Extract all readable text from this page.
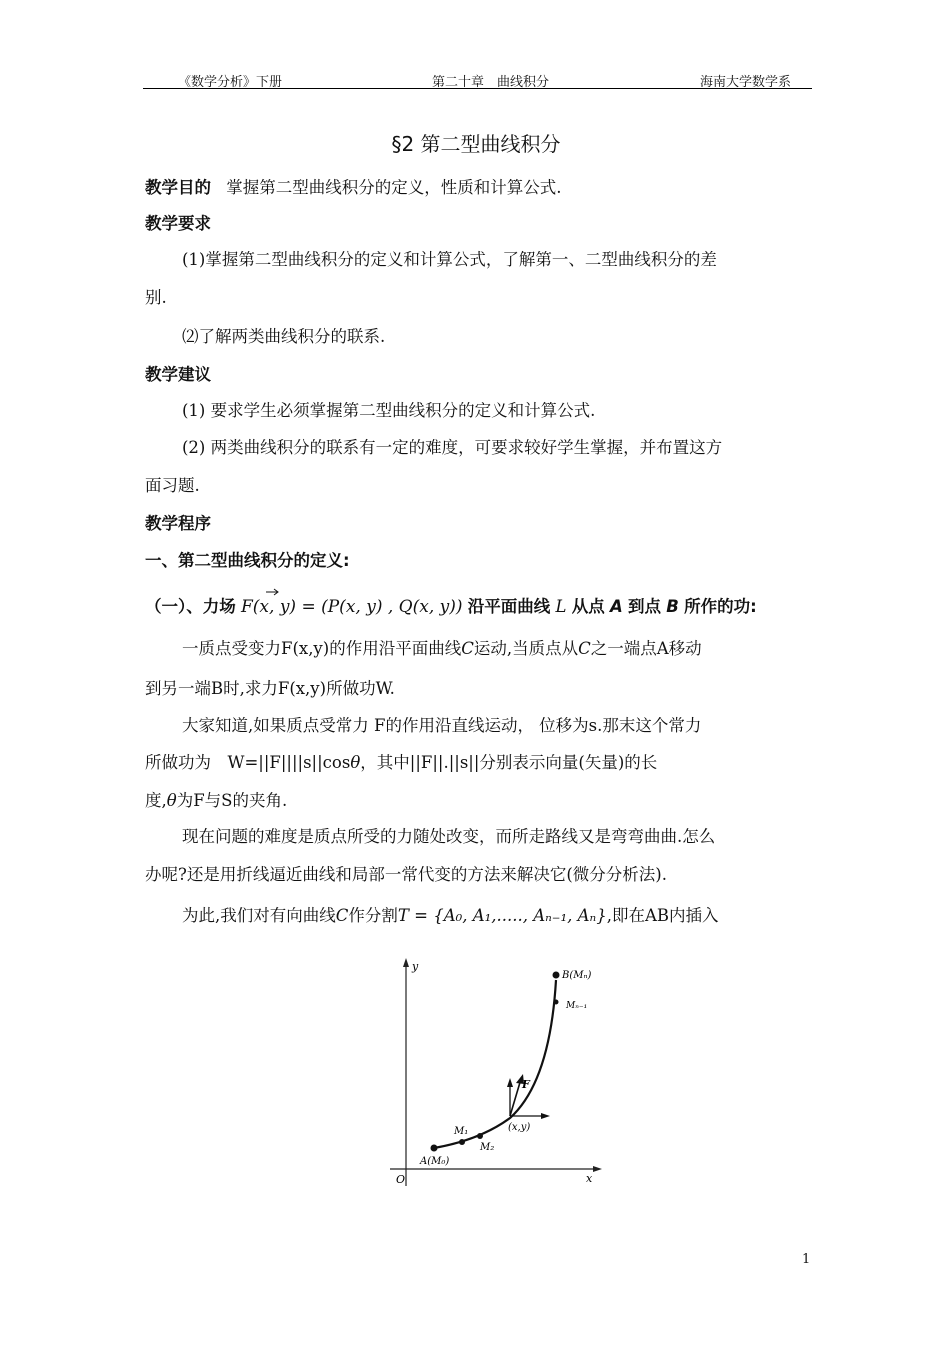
《数学分析》下册	第二十章　曲线积分	海南大学数学系
§2 第二型曲线积分
教学目的 掌握第二型曲线积分的定义，性质和计算公式.
教学要求
(1)掌握第二型曲线积分的定义和计算公式，了解第一、二型曲线积分的差
别.
⑵了解两类曲线积分的联系.
教学建议
(1) 要求学生必须掌握第二型曲线积分的定义和计算公式.
(2) 两类曲线积分的联系有一定的难度，可要求较好学生掌握，并布置这方
面习题.
教学程序
一、第二型曲线积分的定义:
（一）、力场 F(x, y) = (P(x, y) , Q(x, y)) 沿平面曲线 L 从点 A 到点 B 所作的功:
一质点受变力F(x,y)的作用沿平面曲线C运动,当质点从C之一端点A移动
到另一端B时,求力F(x,y)所做功W.
大家知道,如果质点受常力 F的作用沿直线运动， 位移为s.那末这个常力
所做功为　W=||F||||s||cosθ，其中||F||.||s||分别表示向量(矢量)的长
度,θ为F与S的夹角.
现在问题的难度是质点所受的力随处改变，而所走路线又是弯弯曲曲.怎么
办呢?还是用折线逼近曲线和局部一常代变的方法来解决它(微分分析法).
为此,我们对有向曲线C作分割T = {A₀, A₁,....., Aₙ₋₁, Aₙ},即在AB内插入
y
x
O
B(Mₙ)
Mₙ₋₁
F
(x,y)
M₁
M₂
A(M₀)
1
